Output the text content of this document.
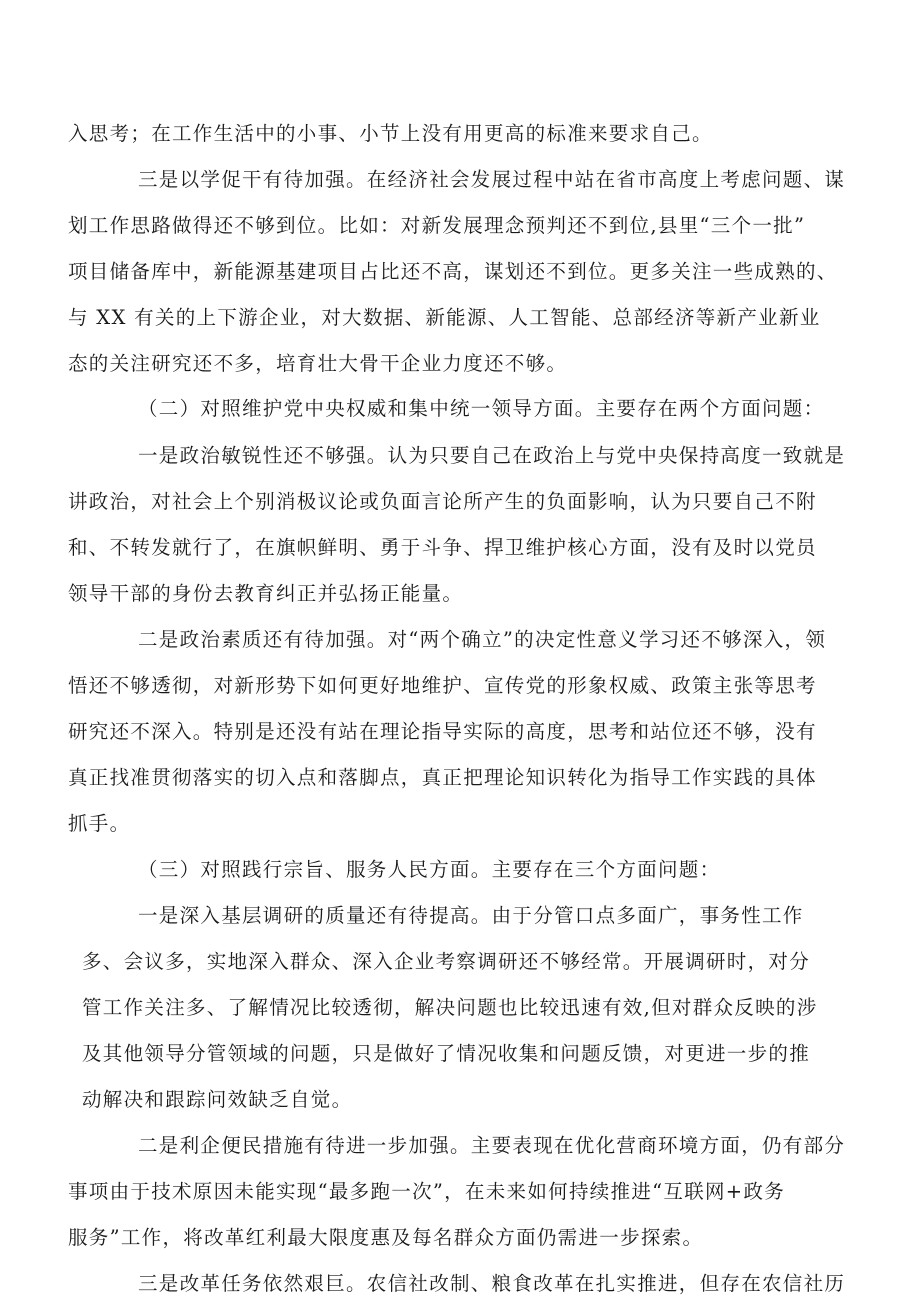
入思考；在工作生活中的小事、小节上没有用更高的标准来要求自己。
三是以学促干有待加强。在经济社会发展过程中站在省市高度上考虑问题、谋
划工作思路做得还不够到位。比如：对新发展理念预判还不到位,县里“三个一批”
项目储备库中，新能源基建项目占比还不高，谋划还不到位。更多关注一些成熟的、
与 XX 有关的上下游企业，对大数据、新能源、人工智能、总部经济等新产业新业
态的关注研究还不多，培育壮大骨干企业力度还不够。
（二）对照维护党中央权威和集中统一领导方面。主要存在两个方面问题：
一是政治敏锐性还不够强。认为只要自己在政治上与党中央保持高度一致就是
讲政治，对社会上个别消极议论或负面言论所产生的负面影响，认为只要自己不附
和、不转发就行了，在旗帜鲜明、勇于斗争、捍卫维护核心方面，没有及时以党员
领导干部的身份去教育纠正并弘扬正能量。
二是政治素质还有待加强。对“两个确立”的决定性意义学习还不够深入，领
悟还不够透彻，对新形势下如何更好地维护、宣传党的形象权威、政策主张等思考
研究还不深入。特别是还没有站在理论指导实际的高度，思考和站位还不够，没有
真正找准贯彻落实的切入点和落脚点，真正把理论知识转化为指导工作实践的具体
抓手。
（三）对照践行宗旨、服务人民方面。主要存在三个方面问题：
一是深入基层调研的质量还有待提高。由于分管口点多面广，事务性工作
多、会议多，实地深入群众、深入企业考察调研还不够经常。开展调研时，对分
管工作关注多、了解情况比较透彻，解决问题也比较迅速有效,但对群众反映的涉
及其他领导分管领域的问题，只是做好了情况收集和问题反馈，对更进一步的推
动解决和跟踪问效缺乏自觉。
二是利企便民措施有待进一步加强。主要表现在优化营商环境方面，仍有部分
事项由于技术原因未能实现“最多跑一次”，在未来如何持续推进“互联网+政务
服务”工作，将改革红利最大限度惠及每名群众方面仍需进一步探索。
三是改革任务依然艰巨。农信社改制、粮食改革在扎实推进，但存在农信社历
